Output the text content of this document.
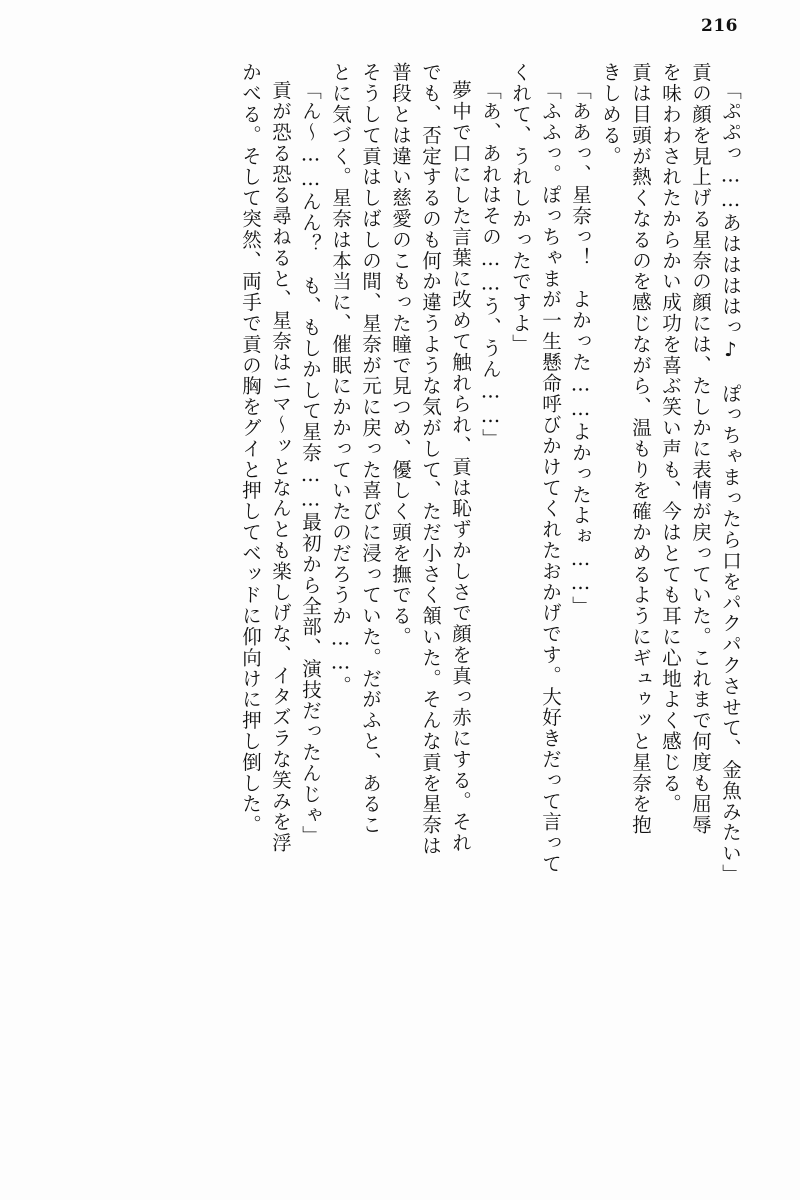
216
「ぷぷっ……あははははっ♪　ぽっちゃまったら口をパクパクさせて、金魚みたい」
貢の顔を見上げる星奈の顔には、たしかに表情が戻っていた。これまで何度も屈辱
を味わわされたからかい成功を喜ぶ笑い声も、今はとても耳に心地よく感じる。
貢は目頭が熱くなるのを感じながら、温もりを確かめるようにギュゥッと星奈を抱
きしめる。
「ああっ、星奈っ！　よかった……よかったよぉ……」
「ふふっ。ぽっちゃまが一生懸命呼びかけてくれたおかげです。大好きだって言って
くれて、うれしかったですよ」
「あ、あれはその……う、うん……」
夢中で口にした言葉に改めて触れられ、貢は恥ずかしさで顔を真っ赤にする。それ
でも、否定するのも何か違うような気がして、ただ小さく頷いた。そんな貢を星奈は
普段とは違い慈愛のこもった瞳で見つめ、優しく頭を撫でる。
そうして貢はしばしの間、星奈が元に戻った喜びに浸っていた。だがふと、あるこ
とに気づく。星奈は本当に、催眠にかかっていたのだろうか……。
「ん～……んん？　も、もしかして星奈……最初から全部、演技だったんじゃ」
貢が恐る恐る尋ねると、星奈はニマ～ッとなんとも楽しげな、イタズラな笑みを浮
かべる。そして突然、両手で貢の胸をグイと押してベッドに仰向けに押し倒した。
